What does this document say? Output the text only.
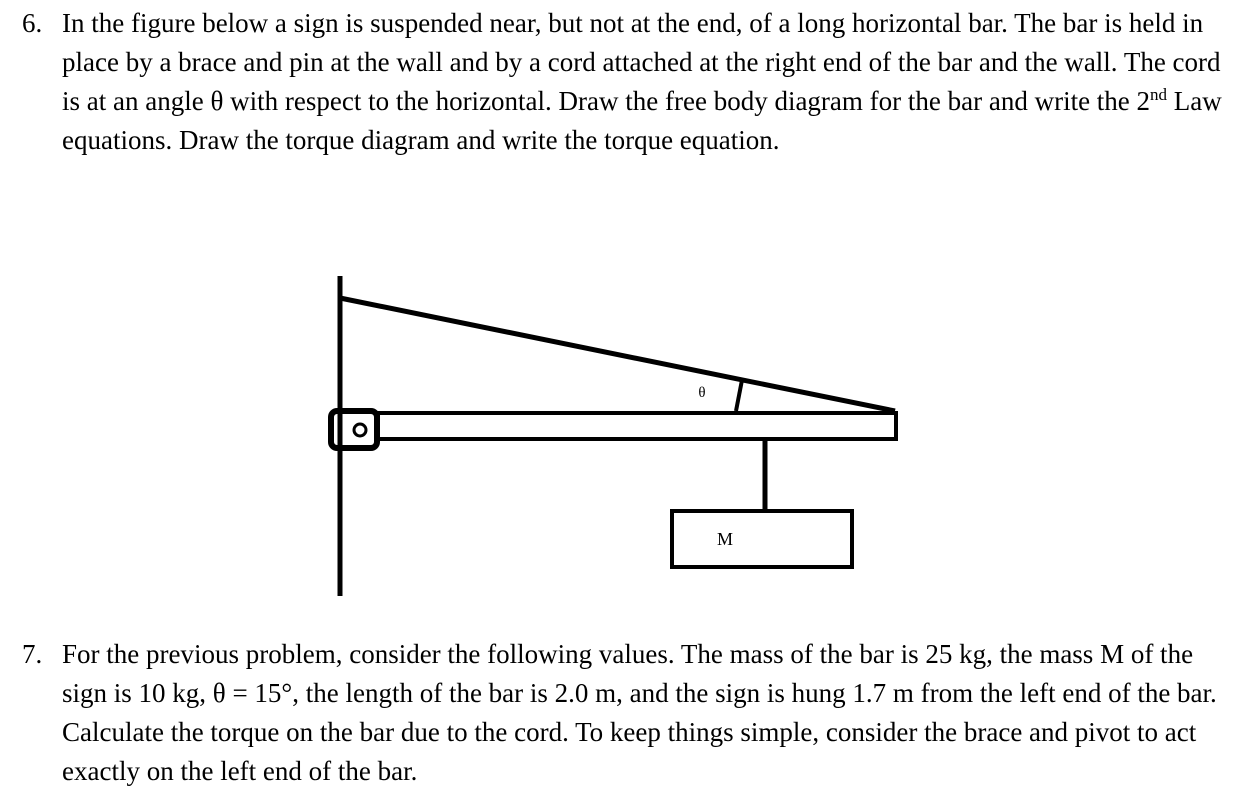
6. In the figure below a sign is suspended near, but not at the end, of a long horizontal bar. The bar is held in place by a brace and pin at the wall and by a cord attached at the right end of the bar and the wall. The cord is at an angle θ with respect to the horizontal. Draw the free body diagram for the bar and write the 2nd Law equations. Draw the torque diagram and write the torque equation.
θ
M
7. For the previous problem, consider the following values. The mass of the bar is 25 kg, the mass M of the sign is 10 kg, θ = 15°, the length of the bar is 2.0 m, and the sign is hung 1.7 m from the left end of the bar. Calculate the torque on the bar due to the cord. To keep things simple, consider the brace and pivot to act exactly on the left end of the bar.
